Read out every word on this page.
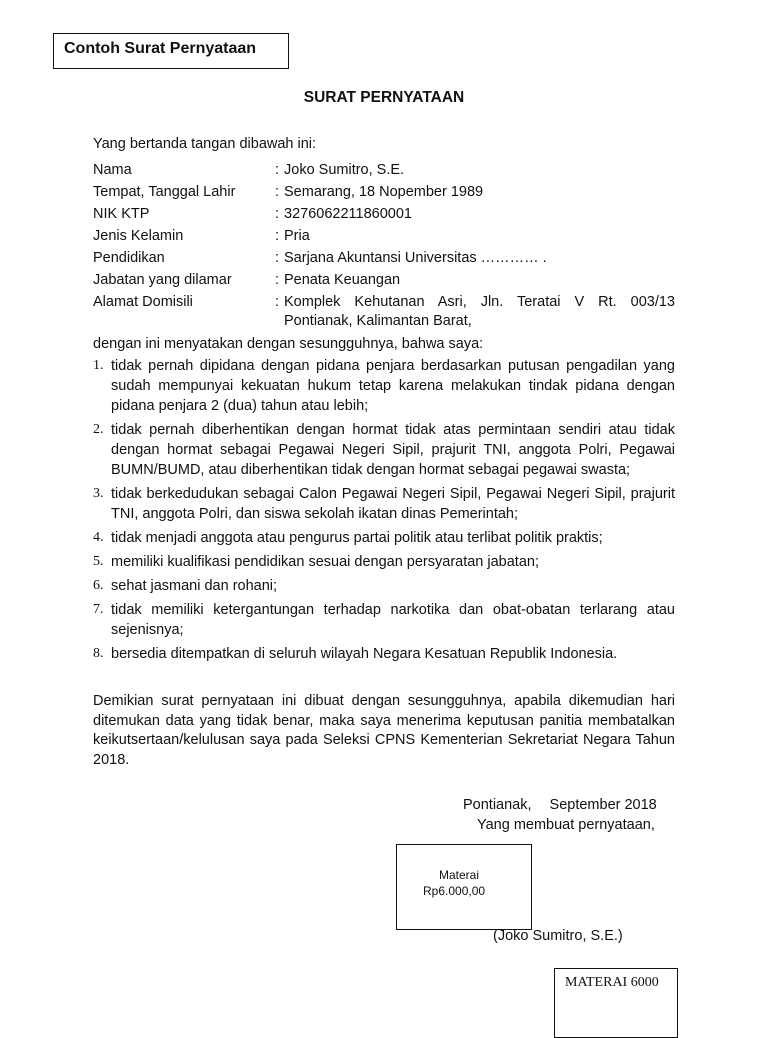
Contoh Surat Pernyataan
SURAT PERNYATAAN
Yang bertanda tangan dibawah ini:
Nama	: Joko Sumitro, S.E.
Tempat, Tanggal Lahir	: Semarang, 18 Nopember 1989
NIK KTP	: 3276062211860001
Jenis Kelamin	: Pria
Pendidikan	: Sarjana Akuntansi Universitas ………… .
Jabatan yang dilamar	: Penata Keuangan
Alamat Domisili	: Komplek Kehutanan Asri, Jln. Teratai V Rt. 003/13 Pontianak, Kalimantan Barat,
dengan ini menyatakan dengan sesungguhnya, bahwa saya:
1. tidak pernah dipidana dengan pidana penjara berdasarkan putusan pengadilan yang sudah mempunyai kekuatan hukum tetap karena melakukan tindak pidana dengan pidana penjara 2 (dua) tahun atau lebih;
2. tidak pernah diberhentikan dengan hormat tidak atas permintaan sendiri atau tidak dengan hormat sebagai Pegawai Negeri Sipil, prajurit TNI, anggota Polri, Pegawai BUMN/BUMD, atau diberhentikan tidak dengan hormat sebagai pegawai swasta;
3. tidak berkedudukan sebagai Calon Pegawai Negeri Sipil, Pegawai Negeri Sipil, prajurit TNI, anggota Polri, dan siswa sekolah ikatan dinas Pemerintah;
4. tidak menjadi anggota atau pengurus partai politik atau terlibat politik praktis;
5. memiliki kualifikasi pendidikan sesuai dengan persyaratan jabatan;
6. sehat jasmani dan rohani;
7. tidak memiliki ketergantungan terhadap narkotika dan obat-obatan terlarang atau sejenisnya;
8. bersedia ditempatkan di seluruh wilayah Negara Kesatuan Republik Indonesia.
Demikian surat pernyataan ini dibuat dengan sesungguhnya, apabila dikemudian hari ditemukan data yang tidak benar, maka saya menerima keputusan panitia membatalkan keikutsertaan/kelulusan saya pada Seleksi CPNS Kementerian Sekretariat Negara Tahun 2018.
Pontianak, September 2018
Yang membuat pernyataan,
Materai
Rp6.000,00
(Joko Sumitro, S.E.)
MATERAI 6000
